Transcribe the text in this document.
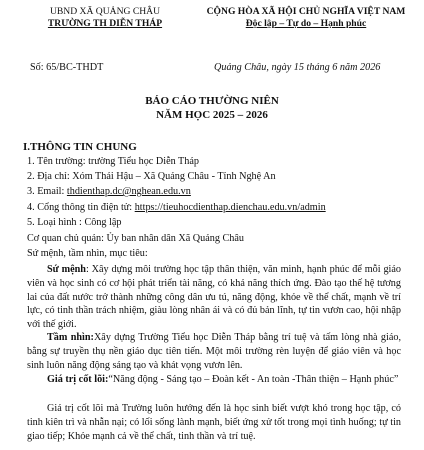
UBND XÃ QUẢNG CHÂU
TRƯỜNG TH DIỄN THÁP
CỘNG HÒA XÃ HỘI CHỦ NGHĨA VIỆT NAM
Độc lập – Tự do – Hạnh phúc
Số: 65/BC-THDT	Quảng Châu, ngày 15 tháng 6 năm 2026
BÁO CÁO THƯỜNG NIÊN
NĂM HỌC 2025 – 2026
I.THÔNG TIN CHUNG
1. Tên trường: trường Tiểu học Diễn Tháp
2. Địa chỉ: Xóm Thái Hậu – Xã Quảng Châu - Tỉnh Nghệ An
3. Email: thdienthap.dc@nghean.edu.vn
4. Cổng thông tin điện tử: https://tieuhocdienthap.dienchau.edu.vn/admin
5. Loại hình : Công lập
Cơ quan chủ quản: Ủy ban nhân dân Xã Quảng Châu
Sứ mệnh, tầm nhìn, mục tiêu:
Sứ mệnh: Xây dựng môi trường học tập thân thiện, văn minh, hạnh phúc để mỗi giáo viên và học sinh có cơ hội phát triển tài năng, có khả năng thích ứng. Đào tạo thế hệ tương lai của đất nước trở thành những công dân ưu tú, năng động, khỏe về thể chất, mạnh về trí lực, có tinh thần trách nhiệm, giàu lòng nhân ái và có đủ bản lĩnh, tự tin vươn cao, hội nhập với thế giới.
Tầm nhìn:Xây dựng Trường Tiểu học Diễn Tháp bằng trí tuệ và tấm lòng nhà giáo, bằng sự truyền thụ nền giáo dục tiên tiến. Một môi trường rèn luyện để giáo viên và học sinh luôn năng động sáng tạo và khát vọng vươn lên.
Giá trị cốt lõi:“Năng động - Sáng tạo – Đoàn kết - An toàn -Thân thiện – Hạnh phúc”
Giá trị cốt lõi mà Trường luôn hướng đến là học sinh biết vượt khó trong học tập, có tinh kiên trì và nhẫn nại; có lối sống lành mạnh, biết ứng xử tốt trong mọi tình huống; tự tin giao tiếp; Khỏe mạnh cả về thể chất, tinh thần và trí tuệ.
